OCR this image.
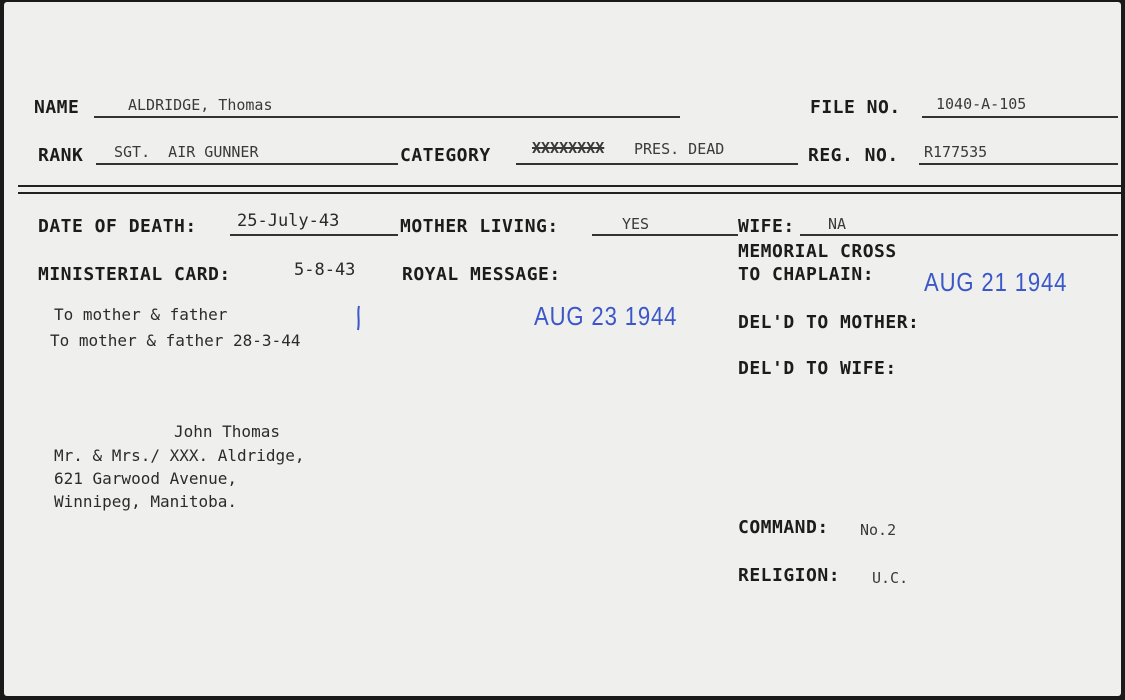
NAME	ALDRIDGE, Thomas	FILE NO. 1040-A-105
RANK SGT.  AIR GUNNER	CATEGORY	XXXXXXXX PRES. DEAD	REG. NO. R177535
DATE OF DEATH: 25-July-43	MOTHER LIVING:	YES	WIFE: NA
MEMORIAL CROSS
TO CHAPLAIN: AUG 21 1944
MINISTERIAL CARD:	5-8-43	ROYAL MESSAGE:
AUG 23 1944
To mother & father
To mother & father 28-3-44
DEL'D TO MOTHER:
DEL'D TO WIFE:
John Thomas
Mr. & Mrs./ XXX. Aldridge,
621 Garwood Avenue,
Winnipeg, Manitoba.
COMMAND: No.2
RELIGION: U.C.
